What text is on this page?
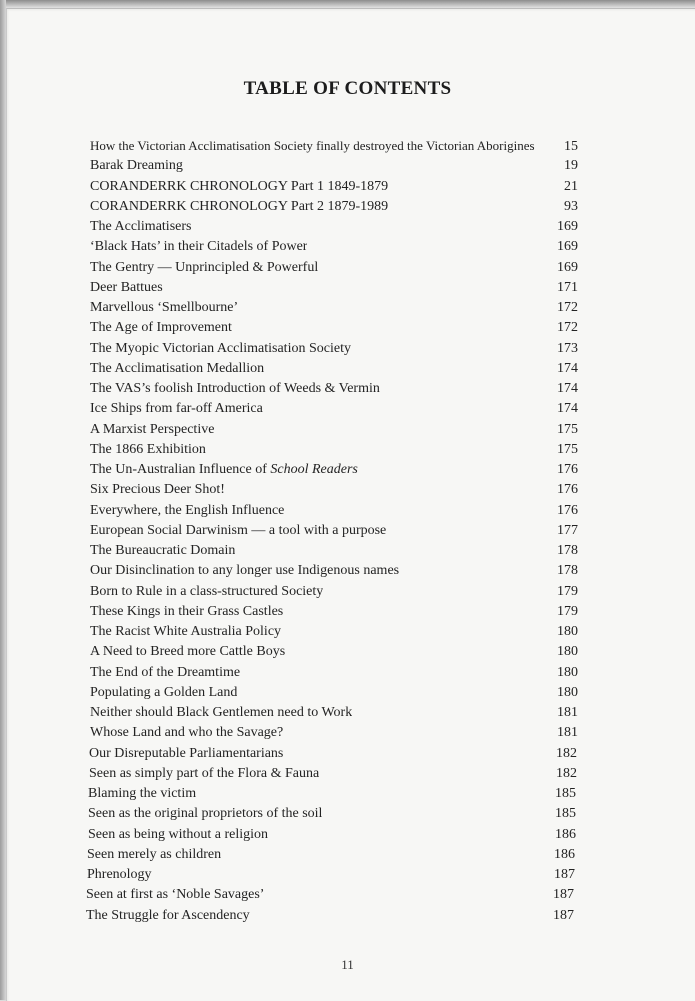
TABLE OF CONTENTS
How the Victorian Acclimatisation Society finally destroyed the Victorian Aborigines	15
Barak Dreaming	19
CORANDERRK CHRONOLOGY Part 1 1849-1879	21
CORANDERRK CHRONOLOGY Part 2 1879-1989	93
The Acclimatisers	169
‘Black Hats’ in their Citadels of Power	169
The Gentry — Unprincipled & Powerful	169
Deer Battues	171
Marvellous ‘Smellbourne’	172
The Age of Improvement	172
The Myopic Victorian Acclimatisation Society	173
The Acclimatisation Medallion	174
The VAS’s foolish Introduction of Weeds & Vermin	174
Ice Ships from far-off America	174
A Marxist Perspective	175
The 1866 Exhibition	175
The Un-Australian Influence of School Readers	176
Six Precious Deer Shot!	176
Everywhere, the English Influence	176
European Social Darwinism — a tool with a purpose	177
The Bureaucratic Domain	178
Our Disinclination to any longer use Indigenous names	178
Born to Rule in a class-structured Society	179
These Kings in their Grass Castles	179
The Racist White Australia Policy	180
A Need to Breed more Cattle Boys	180
The End of the Dreamtime	180
Populating a Golden Land	180
Neither should Black Gentlemen need to Work	181
Whose Land and who the Savage?	181
Our Disreputable Parliamentarians	182
Seen as simply part of the Flora & Fauna	182
Blaming the victim	185
Seen as the original proprietors of the soil	185
Seen as being without a religion	186
Seen merely as children	186
Phrenology	187
Seen at first as ‘Noble Savages’	187
The Struggle for Ascendency	187
11
